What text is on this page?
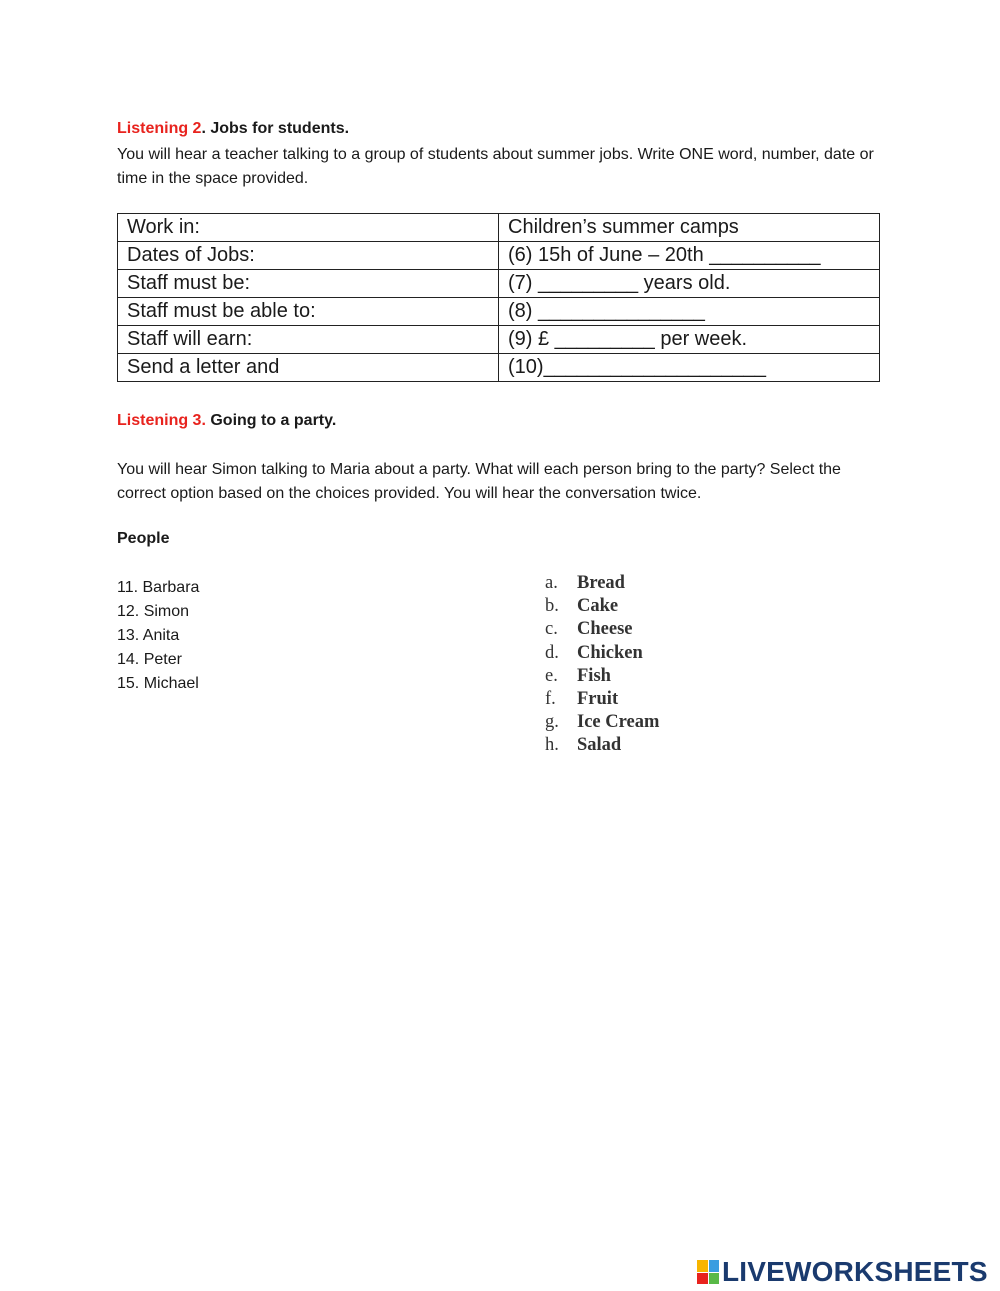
Listening 2. Jobs for students.
You will hear a teacher talking to a group of students about summer jobs. Write ONE word, number, date or time in the space provided.
Work in:	Children’s summer camps
Dates of Jobs:	(6) 15h of June – 20th __________
Staff must be:	(7) _________ years old.
Staff must be able to:	(8) _______________
Staff will earn:	(9) £ _________ per week.
Send a letter and	(10)____________________
Listening 3. Going to a party.
You will hear Simon talking to Maria about a party. What will each person bring to the party? Select the correct option based on the choices provided. You will hear the conversation twice.
People
11. Barbara
12. Simon
13. Anita
14. Peter
15. Michael
a. Bread
b. Cake
c. Cheese
d. Chicken
e. Fish
f. Fruit
g. Ice Cream
h. Salad
LIVEWORKSHEETS
